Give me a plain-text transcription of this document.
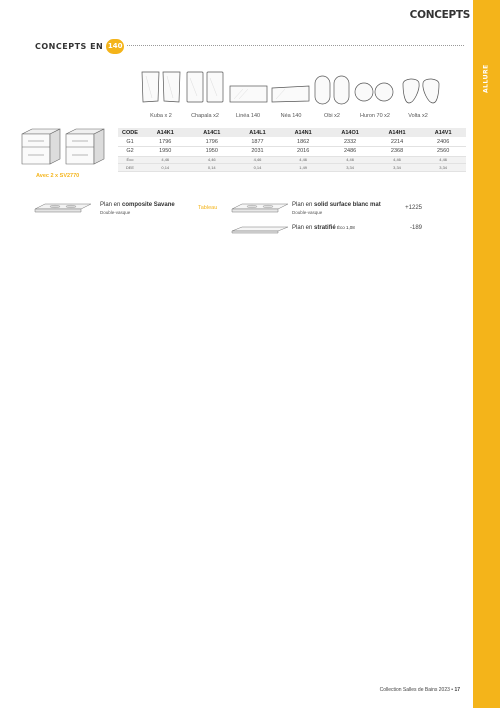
ALLURE
CONCEPTS
CONCEPTS EN 140
Kuba x 2	Chapala x2	Linéa 140	Néa 140	Obi x2	Huron 70 x2	Volta x2
Avec 2 x SV2770
CODE	A14K1	A14C1	A14L1	A14N1	A14O1	A14H1	A14V1
G1	1796	1796	1877	1862	2332	2214	2406
G2	1950	1950	2031	2016	2486	2368	2560
Éco	4,46	4,46	4,46	4,46	4,46	4,46	4,46
DEE	0,14	0,14	0,14	1,49	3,34	3,34	3,34
Plan en composite Savane
Double-vasque
Tableau	Plan en solid surface blanc mat
Double-vasque
+1225
Plan en stratifié Éco 1,08	-189
Collection Salles de Bains 2023 • 17
